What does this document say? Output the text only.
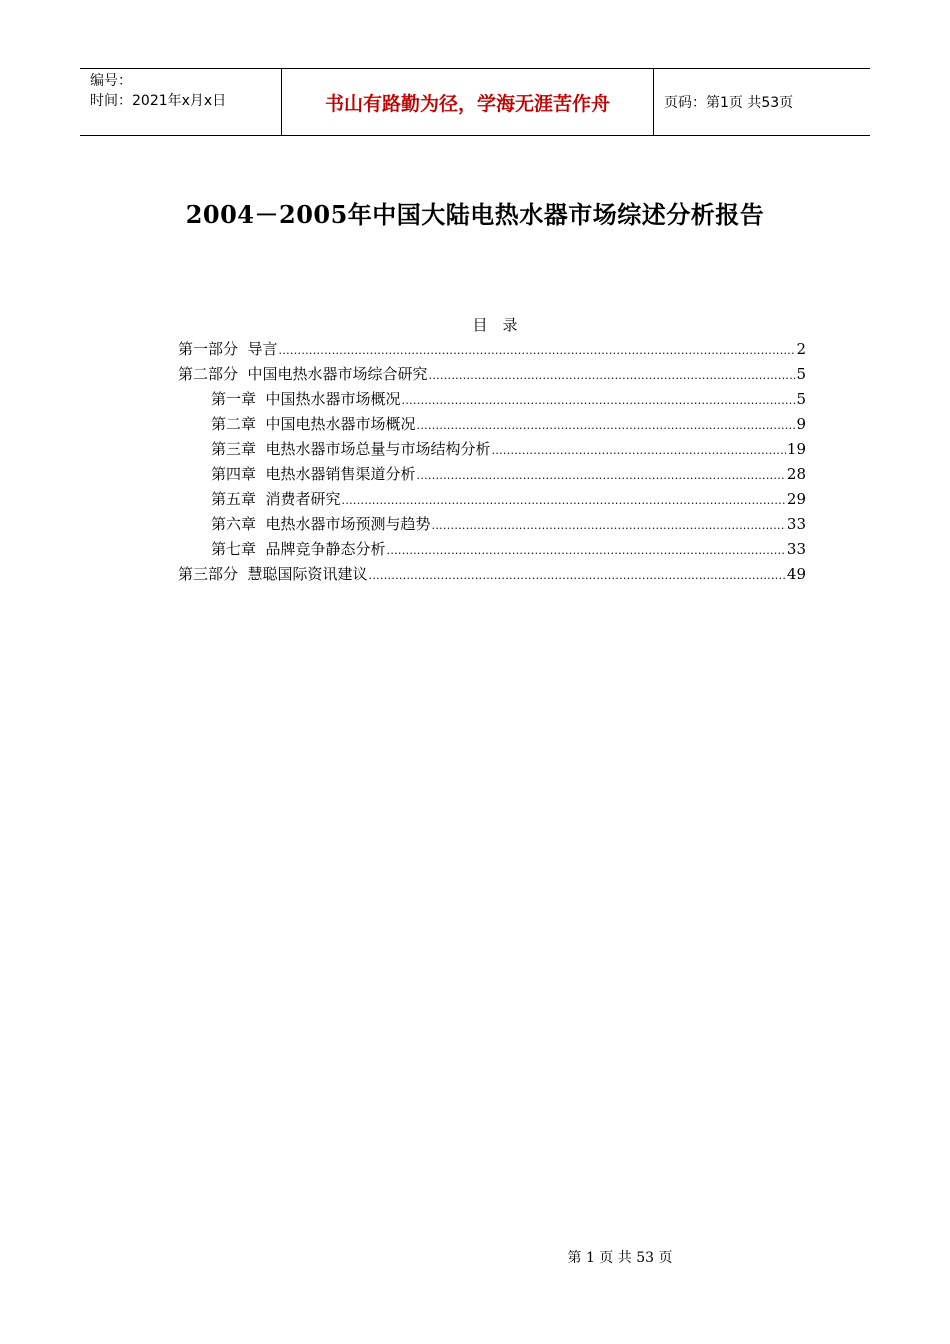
编号：
时间：2021年x月x日	书山有路勤为径，学海无涯苦作舟	页码：第1页 共53页
2004－2005年中国大陆电热水器市场综述分析报告
目　录
第一部分  导言 .....	2
第二部分  中国电热水器市场综合研究 .....	5
第一章  中国热水器市场概况 .....	5
第二章  中国电热水器市场概况 .....	9
第三章  电热水器市场总量与市场结构分析 .....	19
第四章  电热水器销售渠道分析 .....	28
第五章  消费者研究 .....	29
第六章  电热水器市场预测与趋势 .....	33
第七章  品牌竞争静态分析 .....	33
第三部分  慧聪国际资讯建议 .....	49
第 1 页 共 53 页
